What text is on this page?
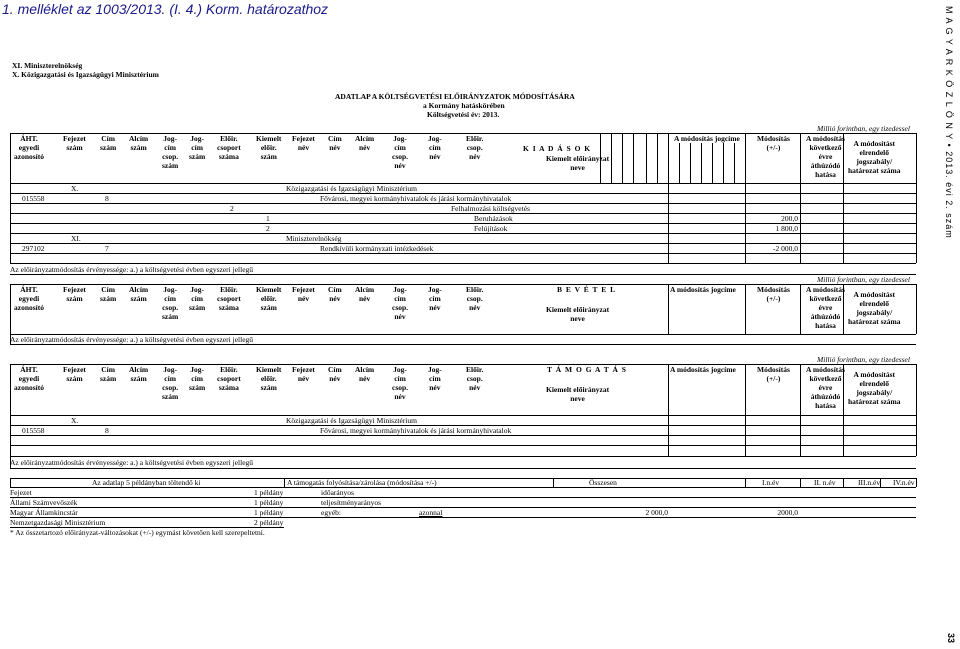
1. melléklet az 1003/2013. (I. 4.) Korm. határozathoz
XI. Miniszterelnökség
X. Közigazgatási és Igazságügyi Minisztérium
ADATLAP A KÖLTSÉGVETÉSI ELŐIRÁNYZATOK MÓDOSÍTÁSÁRA
a Kormány hatáskörében
Költségvetési év: 2013.
Millió forintban, egy tizedessel
ÁHT.
egyedi
azonosító
Fejezet
szám
Cím
szám
Alcím
szám
Jog-
cím
csop.
szám
Jog-
cím
szám
Előir.
csoport
száma
Kiemelt
előir.
szám
Fejezet
név
Cím
név
Alcím
név
Jog-
cím
csop.
név
Jog-
cím
név
Előir.
csop.
név
K I A D Á S O K
Kiemelt előirányzat
neve
A módosítás jogcíme Módosítás
(+/-)
A módosítás
következő
évre
áthúzódó
hatása
A módosítást
elrendelő
jogszabály/
határozat száma
X.	Közigazgatási és Igazságügyi Minisztérium
015558	8	Fővárosi, megyei kormányhivatalok és járási kormányhivatalok
2	Felhalmozási költségvetés
1	Beruházások	200,0
2	Felújítások	1 800,0
XI.	Miniszterelnökség
297102	7	Rendkívüli kormányzati intézkedések	-2 000,0
Az előirányzatmódosítás érvényessége: a.) a költségvetési évben egyszeri jellegű
Millió forintban, egy tizedessel
ÁHT.
egyedi
azonosító
Fejezet
szám
Cím
szám
Alcím
szám
Jog-
cím
csop.
szám
Jog-
cím
szám
Előir.
csoport
száma
Kiemelt
előir.
szám
Fejezet
név
Cím
név
Alcím
név
Jog-
cím
csop.
név
Jog-
cím
név
Előir.
csop.
név
B E V É T E L
Kiemelt előirányzat
neve
A módosítás jogcíme	Módosítás
(+/-)
A módosítás
következő
évre
áthúzódó
hatása
A módosítást
elrendelő
jogszabály/
határozat száma
Az előirányzatmódosítás érvényessége: a.) a költségvetési évben egyszeri jellegű
Millió forintban, egy tizedessel
ÁHT.
egyedi
azonosító
Fejezet
szám
Cím
szám
Alcím
szám
Jog-
cím
csop.
szám
Jog-
cím
szám
Előir.
csoport
száma
Kiemelt
előir.
szám
Fejezet
név
Cím
név
Alcím
név
Jog-
cím
csop.
név
Jog-
cím
név
Előir.
csop.
név
T Á M O G A T Á S
Kiemelt előirányzat
neve
A módosítás jogcíme	Módosítás
(+/-)
A módosítás
következő
évre
áthúzódó
hatása
A módosítást
elrendelő
jogszabály/
határozat száma
X.	Közigazgatási és Igazságügyi Minisztérium
015558	8	Fővárosi, megyei kormányhivatalok és járási kormányhivatalok
Az előirányzatmódosítás érvényessége: a.) a költségvetési évben egyszeri jellegű
Az adatlap 5 példányban töltendő ki	A támogatás folyósítása/zárolása (módosítása +/-)	Összesen	I.n.év	II. n.év	III.n.év IV.n.év
Fejezet	1 példány	időarányos
Állami Számvevőszék	1 példány	teljesítményarányos
Magyar Államkincstár	1 példány	egyéb:	azonnal	2 000,0	2000,0
Nemzetgazdasági Minisztérium	2 példány
* Az összetartozó előirányzat-változásokat (+/-) egymást követően kell szerepeltetni.
M A G Y A R K Ö Z L Ö N Y • 2013. évi 2. szám
33
